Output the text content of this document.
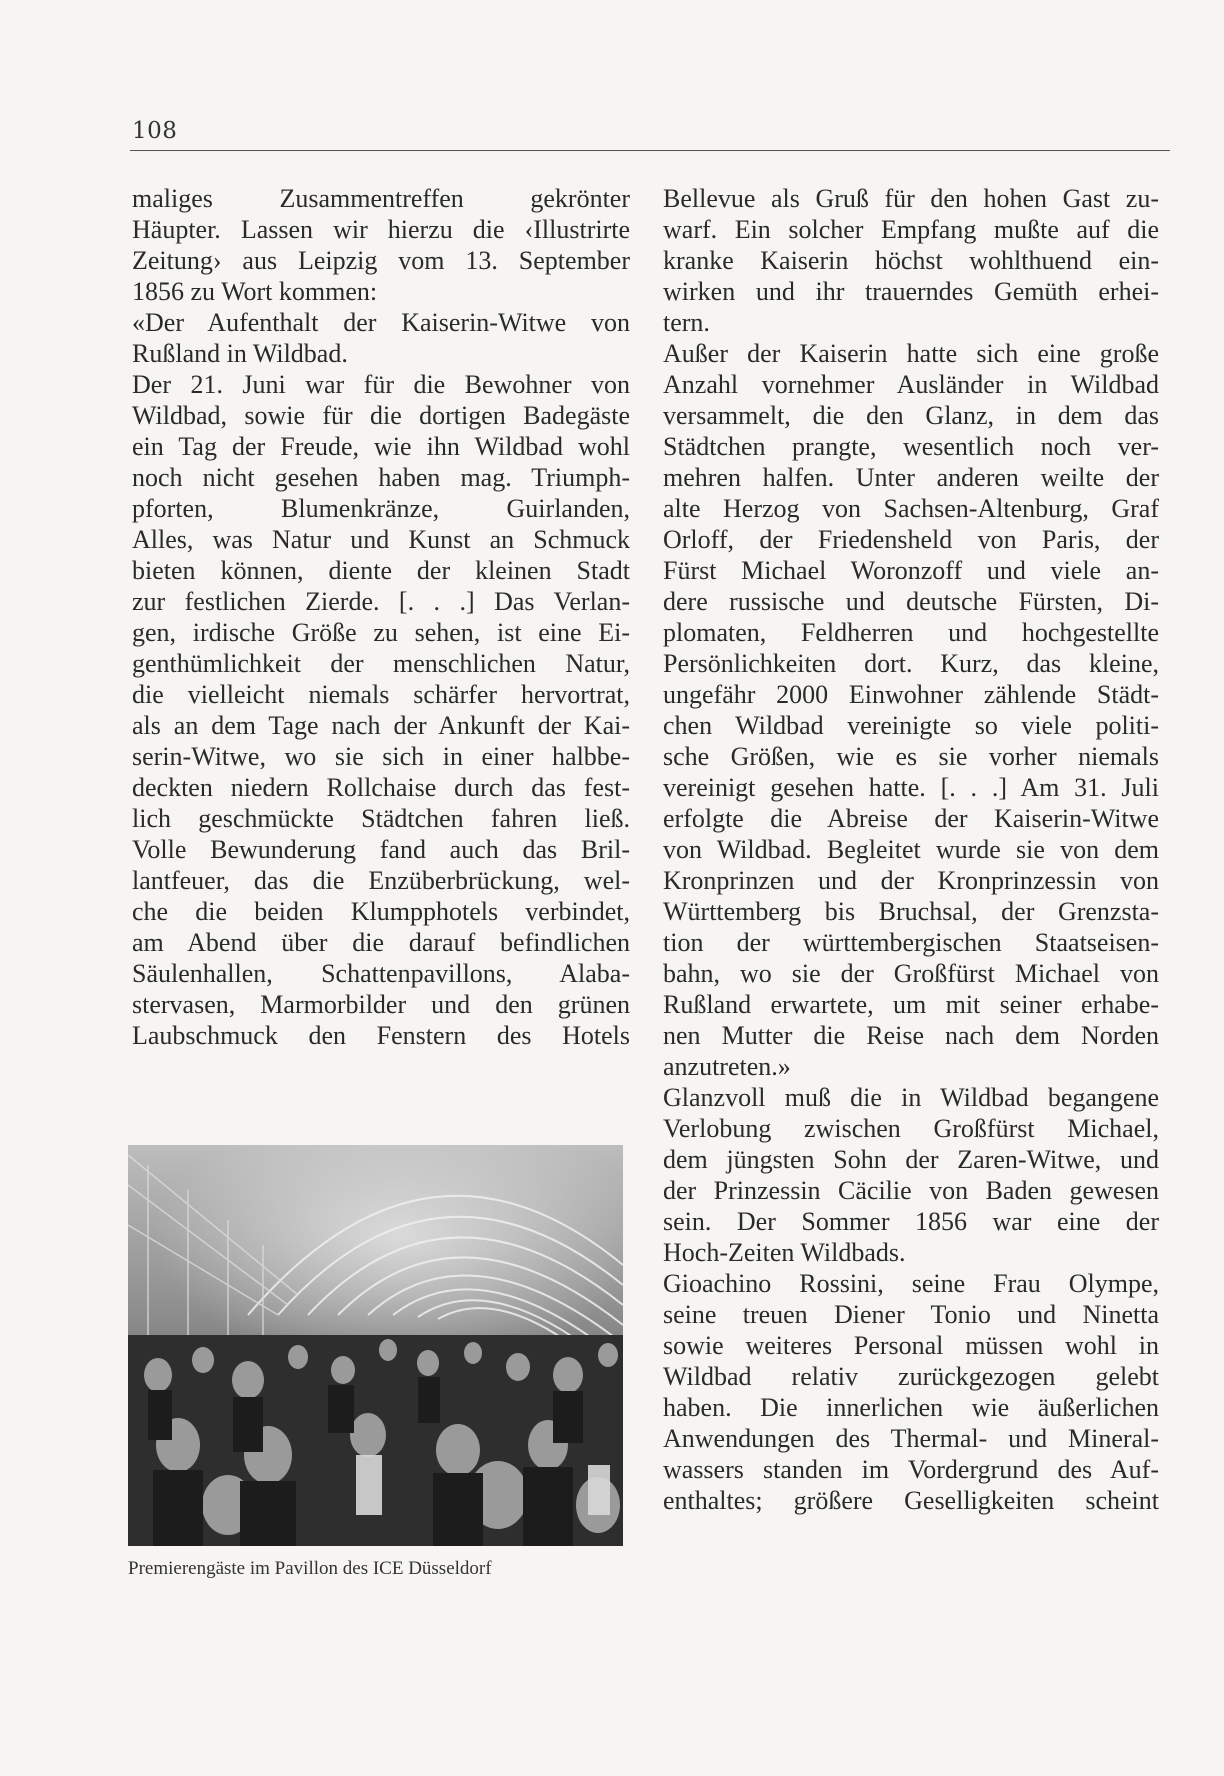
108
maliges Zusammentreffen gekrönter
Häupter. Lassen wir hierzu die ‹Illustrirte
Zeitung› aus Leipzig vom 13. September
1856 zu Wort kommen:
«Der Aufenthalt der Kaiserin-Witwe von
Rußland in Wildbad.
Der 21. Juni war für die Bewohner von
Wildbad, sowie für die dortigen Badegäste
ein Tag der Freude, wie ihn Wildbad wohl
noch nicht gesehen haben mag. Triumph-
pforten, Blumenkränze, Guirlanden,
Alles, was Natur und Kunst an Schmuck
bieten können, diente der kleinen Stadt
zur festlichen Zierde. [. . .] Das Verlan-
gen, irdische Größe zu sehen, ist eine Ei-
genthümlichkeit der menschlichen Natur,
die vielleicht niemals schärfer hervortrat,
als an dem Tage nach der Ankunft der Kai-
serin-Witwe, wo sie sich in einer halbbe-
deckten niedern Rollchaise durch das fest-
lich geschmückte Städtchen fahren ließ.
Volle Bewunderung fand auch das Bril-
lantfeuer, das die Enzüberbrückung, wel-
che die beiden Klumpphotels verbindet,
am Abend über die darauf befindlichen
Säulenhallen, Schattenpavillons, Alaba-
stervasen, Marmorbilder und den grünen
Laubschmuck den Fenstern des Hotels
Bellevue als Gruß für den hohen Gast zu-
warf. Ein solcher Empfang mußte auf die
kranke Kaiserin höchst wohlthuend ein-
wirken und ihr trauerndes Gemüth erhei-
tern.
Außer der Kaiserin hatte sich eine große
Anzahl vornehmer Ausländer in Wildbad
versammelt, die den Glanz, in dem das
Städtchen prangte, wesentlich noch ver-
mehren halfen. Unter anderen weilte der
alte Herzog von Sachsen-Altenburg, Graf
Orloff, der Friedensheld von Paris, der
Fürst Michael Woronzoff und viele an-
dere russische und deutsche Fürsten, Di-
plomaten, Feldherren und hochgestellte
Persönlichkeiten dort. Kurz, das kleine,
ungefähr 2000 Einwohner zählende Städt-
chen Wildbad vereinigte so viele politi-
sche Größen, wie es sie vorher niemals
vereinigt gesehen hatte. [. . .] Am 31. Juli
erfolgte die Abreise der Kaiserin-Witwe
von Wildbad. Begleitet wurde sie von dem
Kronprinzen und der Kronprinzessin von
Württemberg bis Bruchsal, der Grenzsta-
tion der württembergischen Staatseisen-
bahn, wo sie der Großfürst Michael von
Rußland erwartete, um mit seiner erhabe-
nen Mutter die Reise nach dem Norden
anzutreten.»
Glanzvoll muß die in Wildbad begangene
Verlobung zwischen Großfürst Michael,
dem jüngsten Sohn der Zaren-Witwe, und
der Prinzessin Cäcilie von Baden gewesen
sein. Der Sommer 1856 war eine der
Hoch-Zeiten Wildbads.
Gioachino Rossini, seine Frau Olympe,
seine treuen Diener Tonio und Ninetta
sowie weiteres Personal müssen wohl in
Wildbad relativ zurückgezogen gelebt
haben. Die innerlichen wie äußerlichen
Anwendungen des Thermal- und Mineral-
wassers standen im Vordergrund des Auf-
enthaltes; größere Geselligkeiten scheint
Premierengäste im Pavillon des ICE Düsseldorf
